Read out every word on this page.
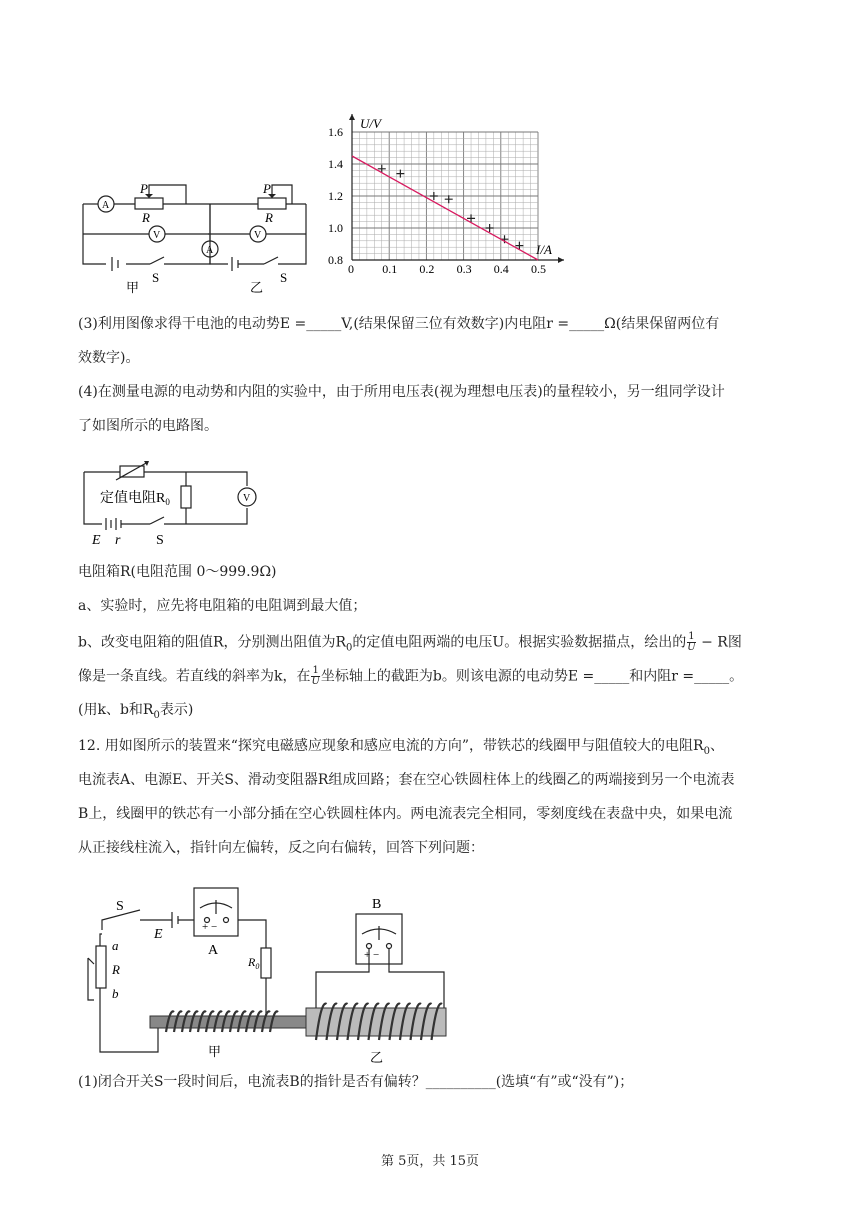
A
V
P
R
S
甲
A
V
P
R
S
乙
0 0.1 0.2 0.3 0.4 0.5
0.8
1.0
1.2
1.4
1.6
U/V
I/A
(3)利用图像求得干电池的电动势E =_____V,(结果保留三位有效数字)内电阻r =_____Ω(结果保留两位有
效数字)。
(4)在测量电源的电动势和内阻的实验中，由于所用电压表(视为理想电压表)的量程较小，另一组同学设计
了如图所示的电路图。
定值电阻$R_0$	V
E r	S
电阻箱R(电阻范围 0～999.9Ω)
a、实验时，应先将电阻箱的电阻调到最大值；
b、改变电阻箱的阻值R，分别测出阻值为$R_0$的定值电阻两端的电压U。根据实验数据描点，绘出的 $\frac{1}{U} - R$图
像是一条直线。若直线的斜率为k，在 $\frac{1}{U}$ 坐标轴上的截距为b。则该电源的电动势E =_____和内阻r =_____。
(用k、b和$R_0$表示)
12. 用如图所示的装置来“探究电磁感应现象和感应电流的方向”，带铁芯的线圈甲与阻值较大的电阻$R_0$、
电流表A、电源E、开关S、滑动变阻器R组成回路；套在空心铁圆柱体上的线圈乙的两端接到另一个电流表
B上，线圈甲的铁芯有一小部分插在空心铁圆柱体内。两电流表完全相同，零刻度线在表盘中央，如果电流
从正接线柱流入，指针向左偏转，反之向右偏转，回答下列问题：
S
E
A
B
+ −
+ −
$R_0$
a
R
b
甲	乙
(1)闭合开关S一段时间后，电流表B的指针是否有偏转？__________(选填“有”或“没有”)；
第 5页，共 15页
